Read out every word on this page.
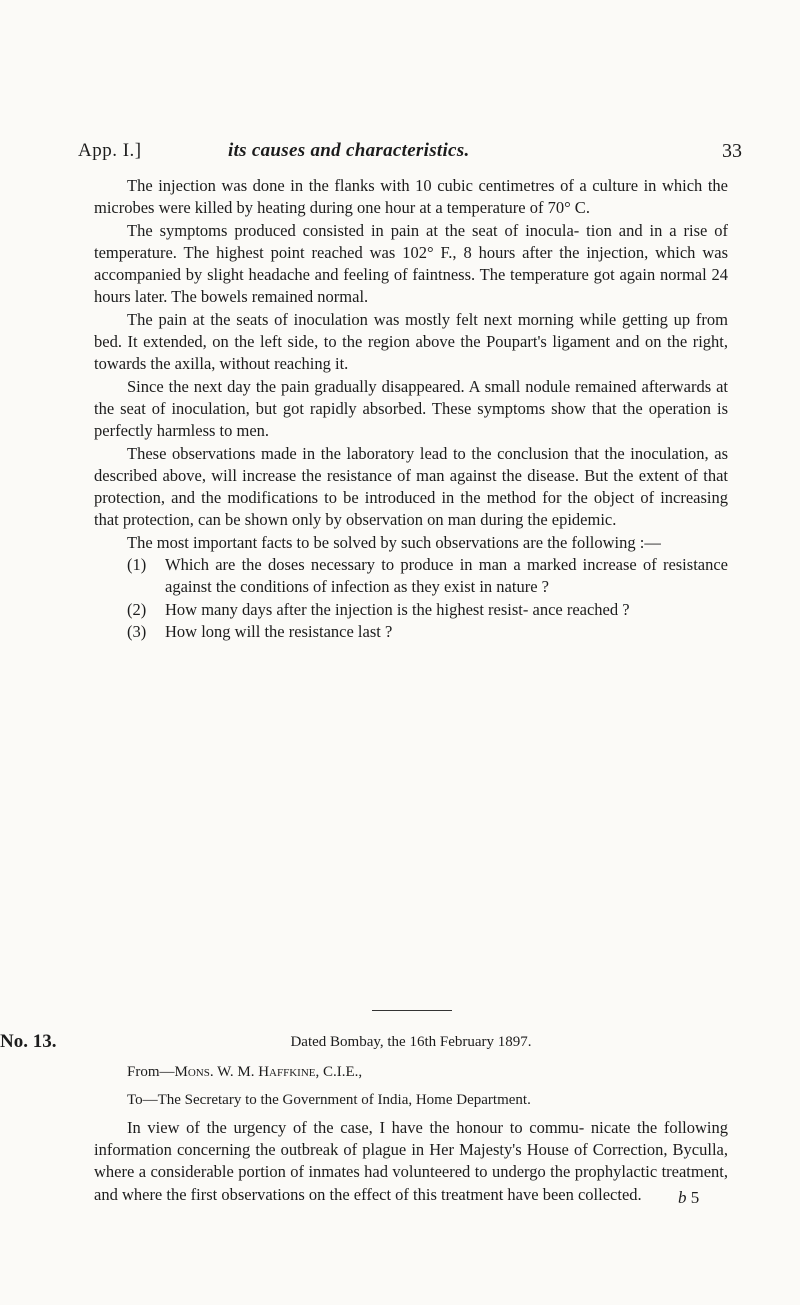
App. I.]	its causes and characteristics.	33

The injection was done in the flanks with 10 cubic centimetres of a culture in which the microbes were killed by heating during one hour at a temperature of 70° C.

The symptoms produced consisted in pain at the seat of inocula- tion and in a rise of temperature. The highest point reached was 102° F., 8 hours after the injection, which was accompanied by slight headache and feeling of faintness. The temperature got again normal 24 hours later. The bowels remained normal.

The pain at the seats of inoculation was mostly felt next morning while getting up from bed. It extended, on the left side, to the region above the Poupart's ligament and on the right, towards the axilla, without reaching it.

Since the next day the pain gradually disappeared. A small nodule remained afterwards at the seat of inoculation, but got rapidly absorbed. These symptoms show that the operation is perfectly harmless to men.

These observations made in the laboratory lead to the conclusion that the inoculation, as described above, will increase the resistance of man against the disease. But the extent of that protection, and the modifications to be introduced in the method for the object of increasing that protection, can be shown only by observation on man during the epidemic.

The most important facts to be solved by such observations are the following :—

(1) Which are the doses necessary to produce in man a marked increase of resistance against the conditions of infection as they exist in nature ?
(2) How many days after the injection is the highest resist- ance reached ?
(3) How long will the resistance last ?
No. 13.	Dated Bombay, the 16th February 1897.
From—Mons. W. M. Haffkine, C.I.E.,
To—The Secretary to the Government of India, Home Department.

In view of the urgency of the case, I have the honour to commu- nicate the following information concerning the outbreak of plague in Her Majesty's House of Correction, Byculla, where a considerable portion of inmates had volunteered to undergo the prophylactic treatment, and where the first observations on the effect of this treatment have been collected.	b 5
